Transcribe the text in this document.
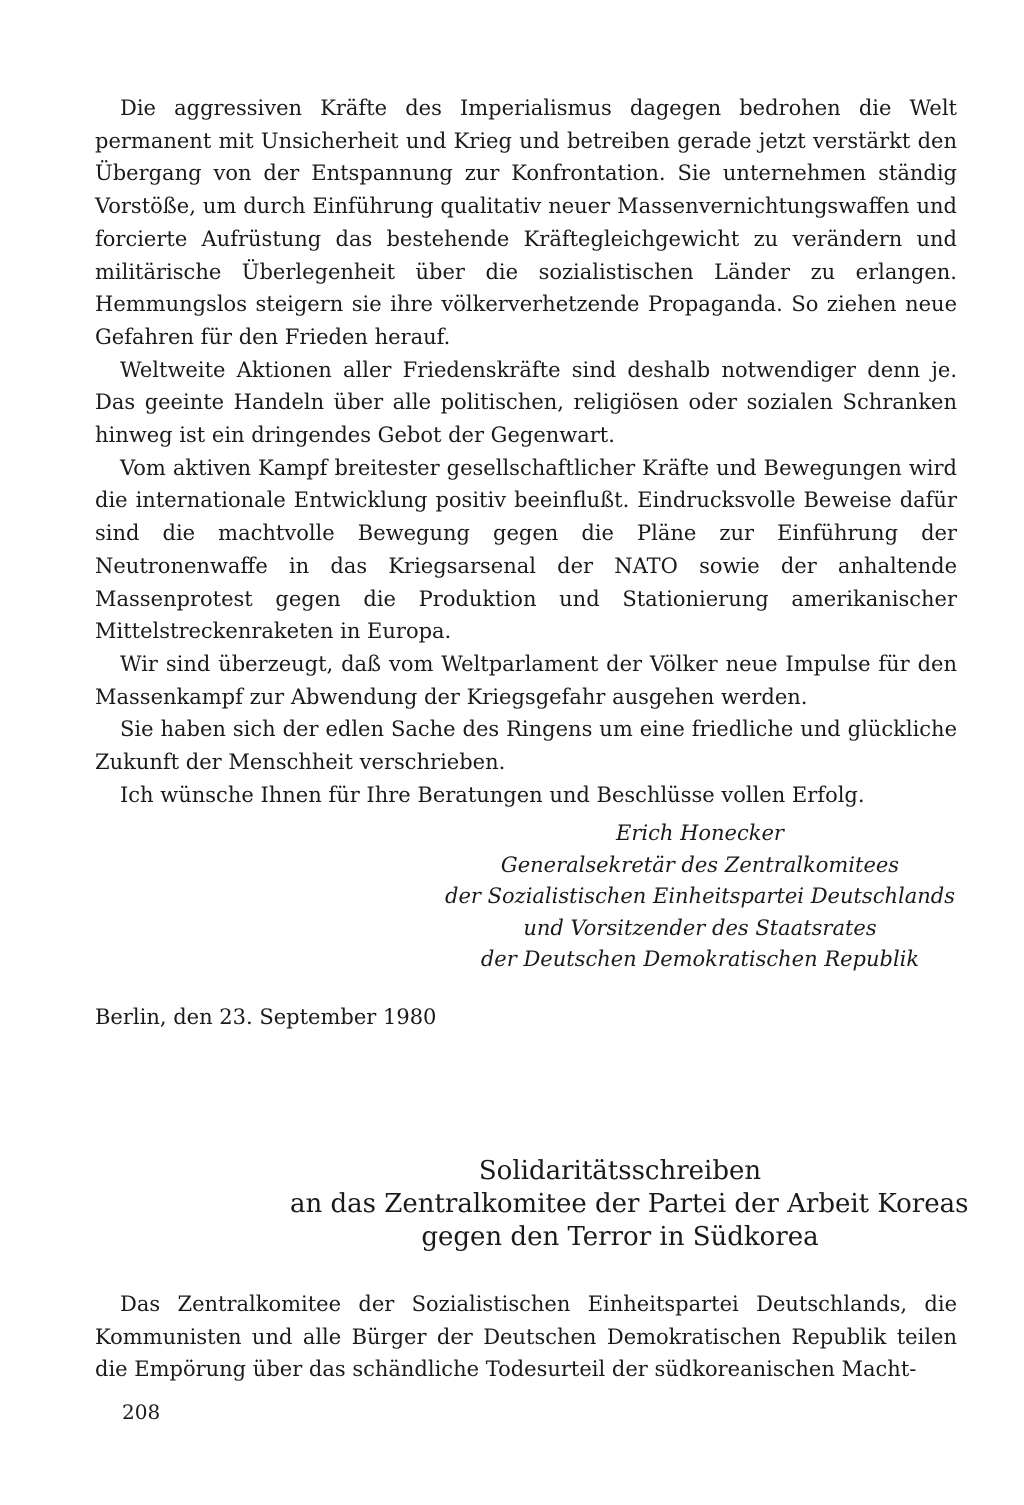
Die aggressiven Kräfte des Imperialismus dagegen bedrohen die Welt permanent mit Unsicherheit und Krieg und betreiben gerade jetzt verstärkt den Übergang von der Entspannung zur Konfrontation. Sie unternehmen ständig Vorstöße, um durch Einführung qualitativ neuer Massenvernichtungswaffen und forcierte Aufrüstung das bestehende Kräftegleichgewicht zu verändern und militärische Überlegenheit über die sozialistischen Länder zu erlangen. Hemmungslos steigern sie ihre völkerverhetzende Propaganda. So ziehen neue Gefahren für den Frieden herauf.

Weltweite Aktionen aller Friedenskräfte sind deshalb notwendiger denn je. Das geeinte Handeln über alle politischen, religiösen oder sozialen Schranken hinweg ist ein dringendes Gebot der Gegenwart.

Vom aktiven Kampf breitester gesellschaftlicher Kräfte und Bewegungen wird die internationale Entwicklung positiv beeinflußt. Eindrucksvolle Beweise dafür sind die machtvolle Bewegung gegen die Pläne zur Einführung der Neutronenwaffe in das Kriegsarsenal der NATO sowie der anhaltende Massenprotest gegen die Produktion und Stationierung amerikanischer Mittelstreckenraketen in Europa.

Wir sind überzeugt, daß vom Weltparlament der Völker neue Impulse für den Massenkampf zur Abwendung der Kriegsgefahr ausgehen werden.

Sie haben sich der edlen Sache des Ringens um eine friedliche und glückliche Zukunft der Menschheit verschrieben.

Ich wünsche Ihnen für Ihre Beratungen und Beschlüsse vollen Erfolg.

Erich Honecker
Generalsekretär des Zentralkomitees
der Sozialistischen Einheitspartei Deutschlands
und Vorsitzender des Staatsrates
der Deutschen Demokratischen Republik
Berlin, den 23. September 1980
Solidaritätsschreiben
an das Zentralkomitee der Partei der Arbeit Koreas
gegen den Terror in Südkorea

Das Zentralkomitee der Sozialistischen Einheitspartei Deutschlands, die Kommunisten und alle Bürger der Deutschen Demokratischen Republik teilen die Empörung über das schändliche Todesurteil der südkoreanischen Macht-

208
